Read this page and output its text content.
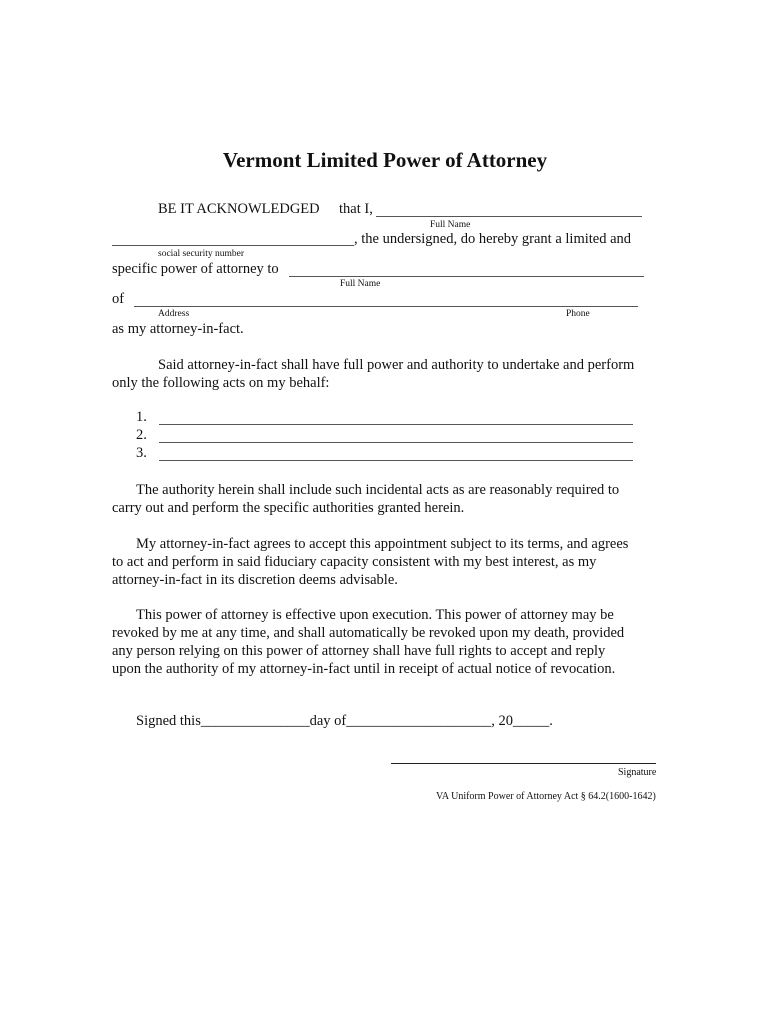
Vermont Limited Power of Attorney
BE IT ACKNOWLEDGED that I,
Full Name
, the undersigned, do hereby grant a limited and
social security number
specific power of attorney to
Full Name
of
Address	Phone
as my attorney-in-fact.
Said attorney-in-fact shall have full power and authority to undertake and perform
only the following acts on my behalf:
1.
2.
3.
The authority herein shall include such incidental acts as are reasonably required to
carry out and perform the specific authorities granted herein.
My attorney-in-fact agrees to accept this appointment subject to its terms, and agrees
to act and perform in said fiduciary capacity consistent with my best interest, as my
attorney-in-fact in its discretion deems advisable.
This power of attorney is effective upon execution. This power of attorney may be
revoked by me at any time, and shall automatically be revoked upon my death, provided
any person relying on this power of attorney shall have full rights to accept and reply
upon the authority of my attorney-in-fact until in receipt of actual notice of revocation.
Signed this_______________day of____________________, 20_____.
Signature
VA Uniform Power of Attorney Act § 64.2(1600-1642)
